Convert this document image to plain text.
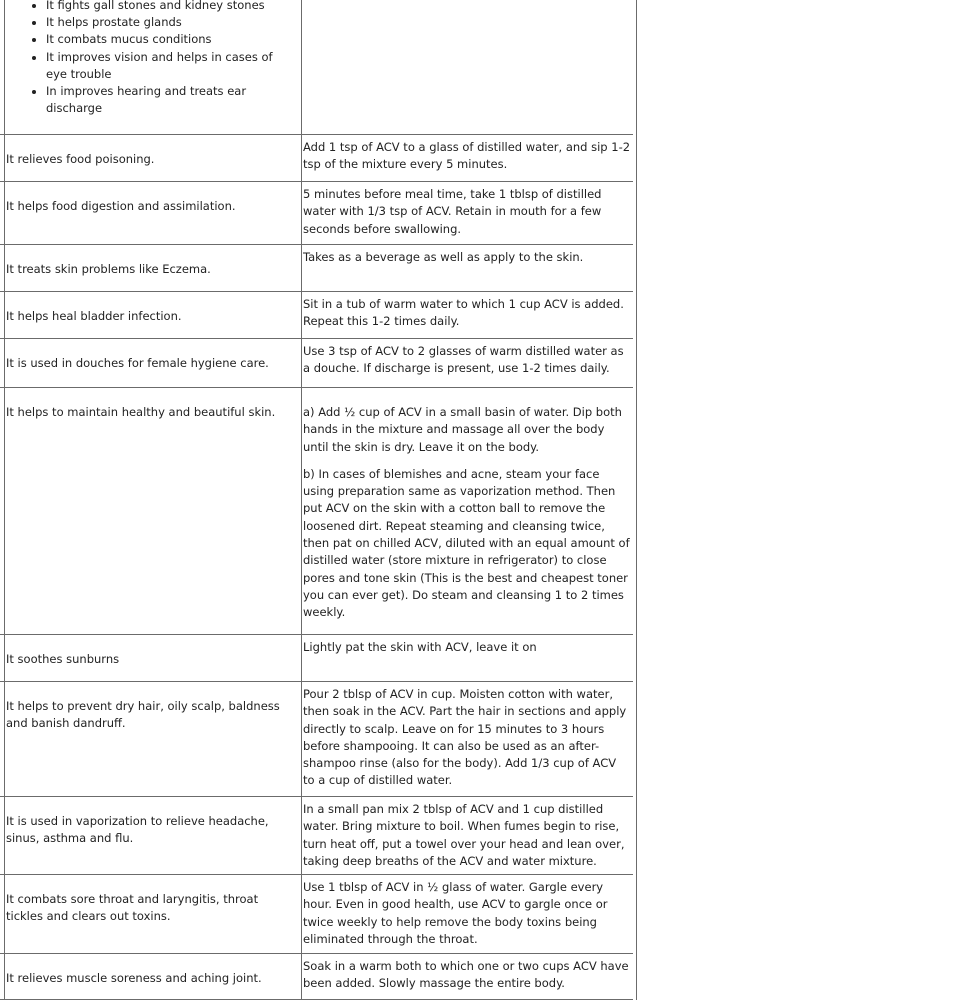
• It fights gall stones and kidney stones
• It helps prostate glands
• It combats mucus conditions
• It improves vision and helps in cases of eye trouble
• In improves hearing and treats ear discharge
It relieves food poisoning.

Add 1 tsp of ACV to a glass of distilled water, and sip 1-2 tsp of the mixture every 5 minutes.

It helps food digestion and assimilation.

5 minutes before meal time, take 1 tblsp of distilled water with 1/3 tsp of ACV. Retain in mouth for a few seconds before swallowing.

It treats skin problems like Eczema.

Takes as a beverage as well as apply to the skin.

It helps heal bladder infection.

Sit in a tub of warm water to which 1 cup ACV is added. Repeat this 1-2 times daily.

It is used in douches for female hygiene care.

Use 3 tsp of ACV to 2 glasses of warm distilled water as a douche. If discharge is present, use 1-2 times daily.

It helps to maintain healthy and beautiful skin.	a) Add ½ cup of ACV in a small basin of water. Dip both hands in the mixture and massage all over the body until the skin is dry. Leave it on the body.

b) In cases of blemishes and acne, steam your face using preparation same as vaporization method. Then put ACV on the skin with a cotton ball to remove the loosened dirt. Repeat steaming and cleansing twice, then pat on chilled ACV, diluted with an equal amount of distilled water (store mixture in refrigerator) to close pores and tone skin (This is the best and cheapest toner you can ever get). Do steam and cleansing 1 to 2 times weekly.

It soothes sunburns

Lightly pat the skin with ACV, leave it on

It helps to prevent dry hair, oily scalp, baldness and banish dandruff.

Pour 2 tblsp of ACV in cup. Moisten cotton with water, then soak in the ACV. Part the hair in sections and apply directly to scalp. Leave on for 15 minutes to 3 hours before shampooing. It can also be used as an after-shampoo rinse (also for the body). Add 1/3 cup of ACV to a cup of distilled water.

It is used in vaporization to relieve headache, sinus, asthma and flu.

In a small pan mix 2 tblsp of ACV and 1 cup distilled water. Bring mixture to boil. When fumes begin to rise, turn heat off, put a towel over your head and lean over, taking deep breaths of the ACV and water mixture.

It combats sore throat and laryngitis, throat tickles and clears out toxins.

Use 1 tblsp of ACV in ½ glass of water. Gargle every hour. Even in good health, use ACV to gargle once or twice weekly to help remove the body toxins being eliminated through the throat.

It relieves muscle soreness and aching joint.

Soak in a warm both to which one or two cups ACV have been added. Slowly massage the entire body.
